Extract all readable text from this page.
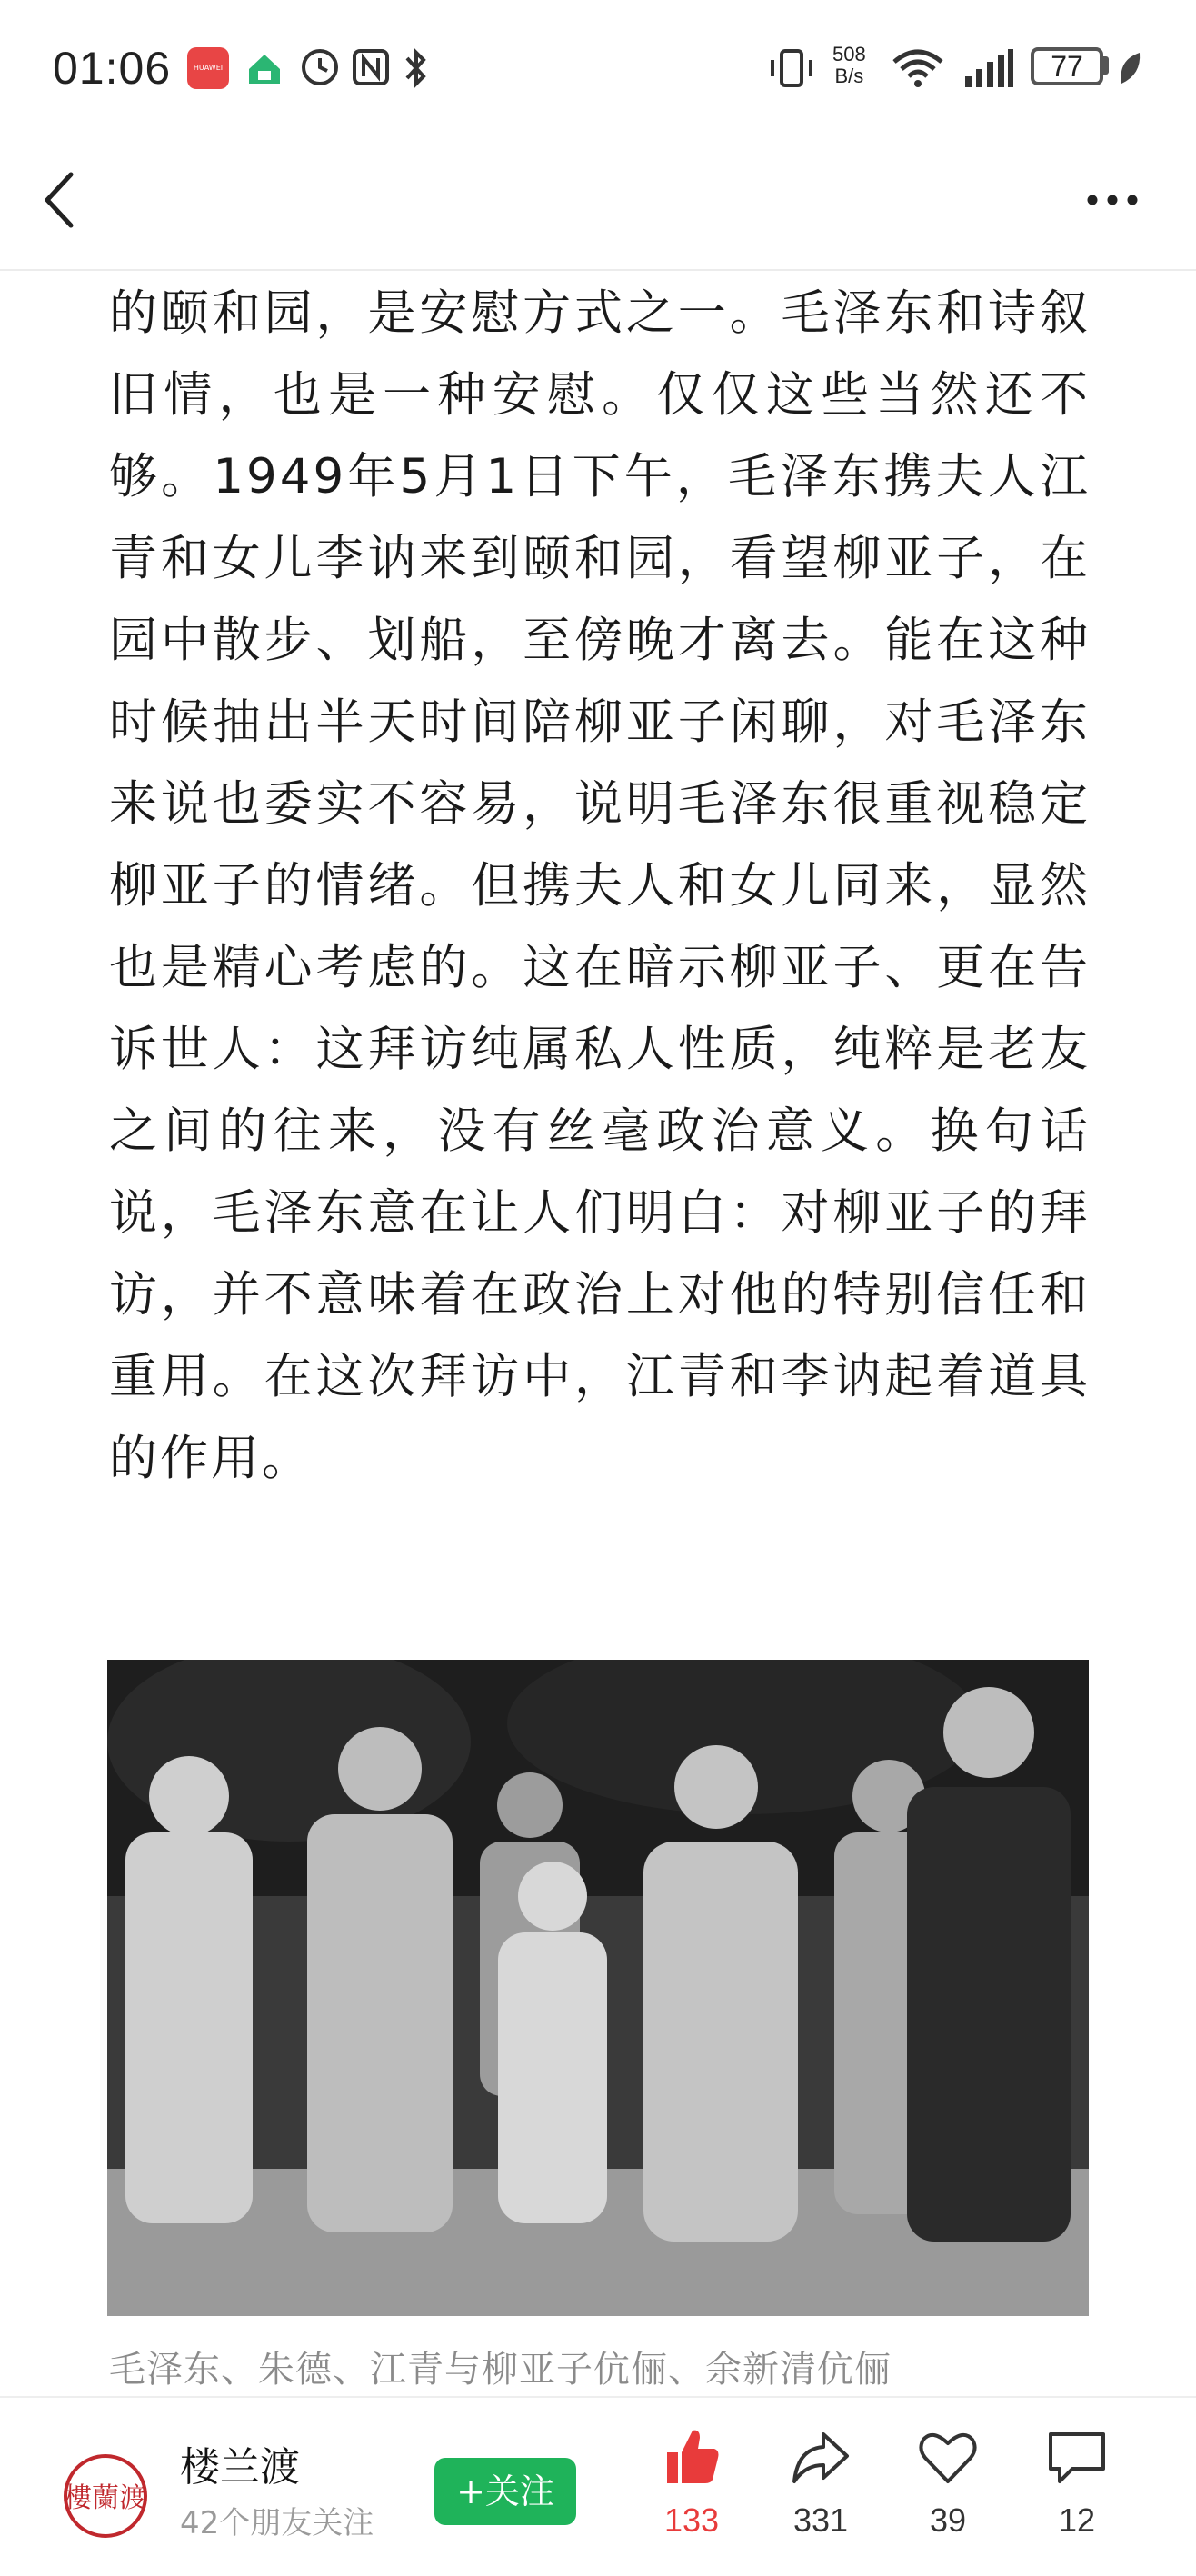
01:06	HUAWEI
508
B/s	77

的颐和园，是安慰方式之一。毛泽东和诗叙旧情，也是一种安慰。仅仅这些当然还不够。1949年5月1日下午，毛泽东携夫人江青和女儿李讷来到颐和园，看望柳亚子，在园中散步、划船，至傍晚才离去。能在这种时候抽出半天时间陪柳亚子闲聊，对毛泽东来说也委实不容易，说明毛泽东很重视稳定柳亚子的情绪。但携夫人和女儿同来，显然也是精心考虑的。这在暗示柳亚子、更在告诉世人：这拜访纯属私人性质，纯粹是老友之间的往来，没有丝毫政治意义。换句话说，毛泽东意在让人们明白：对柳亚子的拜访，并不意味着在政治上对他的特别信任和重用。在这次拜访中，江青和李讷起着道具的作用。

毛泽东、朱德、江青与柳亚子伉俪、余新清伉俪
樓蘭渡
楼兰渡
42个朋友关注
+关注
133	331	39	12
